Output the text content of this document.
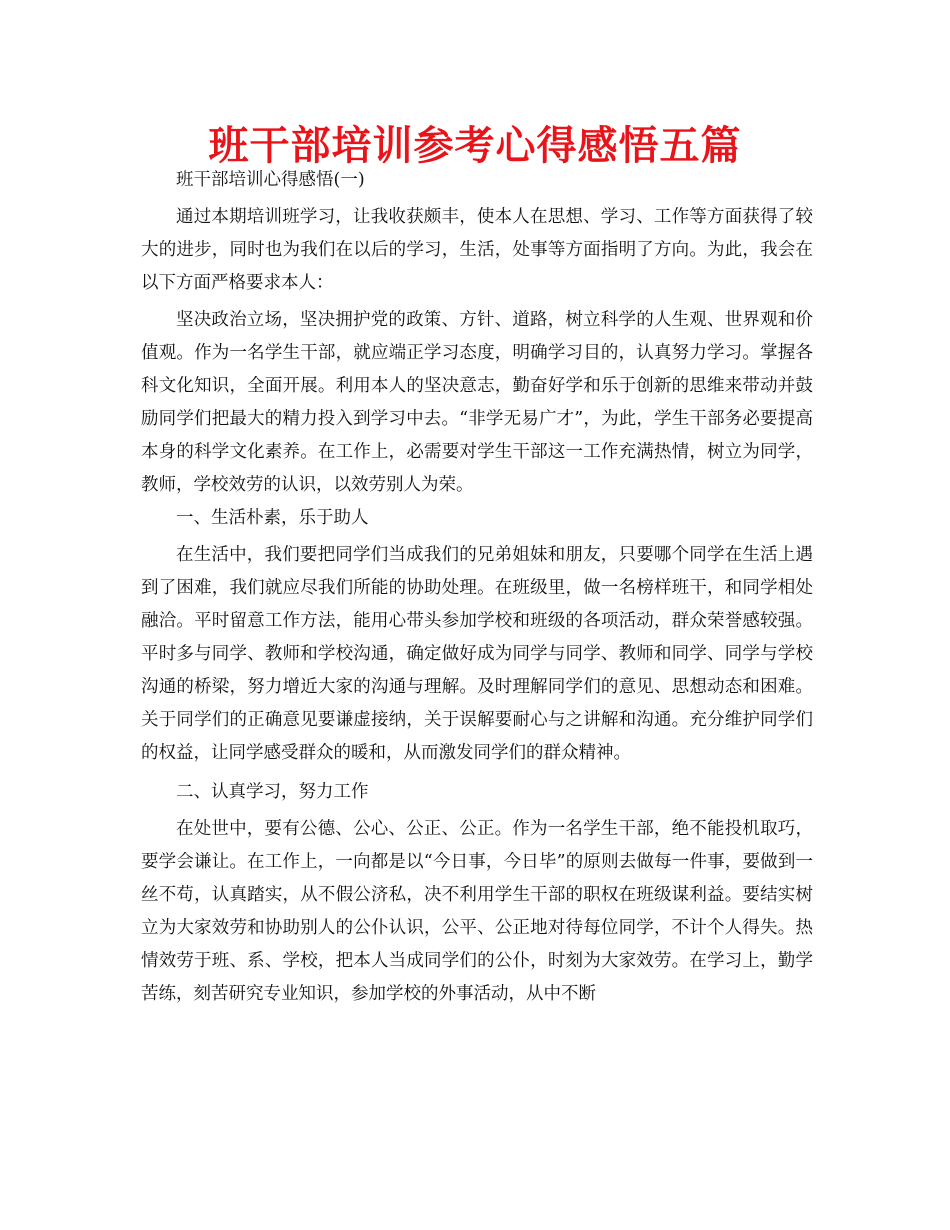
班干部培训参考心得感悟五篇

班干部培训心得感悟(一)

通过本期培训班学习，让我收获颇丰，使本人在思想、学习、工作等方面获得了较大的进步，同时也为我们在以后的学习，生活，处事等方面指明了方向。为此，我会在以下方面严格要求本人：

坚决政治立场，坚决拥护党的政策、方针、道路，树立科学的人生观、世界观和价值观。作为一名学生干部，就应端正学习态度，明确学习目的，认真努力学习。掌握各科文化知识，全面开展。利用本人的坚决意志，勤奋好学和乐于创新的思维来带动并鼓励同学们把最大的精力投入到学习中去。“非学无易广才”，为此，学生干部务必要提高本身的科学文化素养。在工作上，必需要对学生干部这一工作充满热情，树立为同学，教师，学校效劳的认识，以效劳别人为荣。

一、生活朴素，乐于助人

在生活中，我们要把同学们当成我们的兄弟姐妹和朋友，只要哪个同学在生活上遇到了困难，我们就应尽我们所能的协助处理。在班级里，做一名榜样班干，和同学相处融洽。平时留意工作方法，能用心带头参加学校和班级的各项活动，群众荣誉感较强。平时多与同学、教师和学校沟通，确定做好成为同学与同学、教师和同学、同学与学校沟通的桥梁，努力增近大家的沟通与理解。及时理解同学们的意见、思想动态和困难。关于同学们的正确意见要谦虚接纳，关于误解要耐心与之讲解和沟通。充分维护同学们的权益，让同学感受群众的暖和，从而激发同学们的群众精神。

二、认真学习，努力工作

在处世中，要有公德、公心、公正、公正。作为一名学生干部，绝不能投机取巧，要学会谦让。在工作上，一向都是以“今日事，今日毕”的原则去做每一件事，要做到一丝不苟，认真踏实，从不假公济私，决不利用学生干部的职权在班级谋利益。要结实树立为大家效劳和协助别人的公仆认识，公平、公正地对待每位同学，不计个人得失。热情效劳于班、系、学校，把本人当成同学们的公仆，时刻为大家效劳。在学习上，勤学苦练，刻苦研究专业知识，参加学校的外事活动，从中不断
